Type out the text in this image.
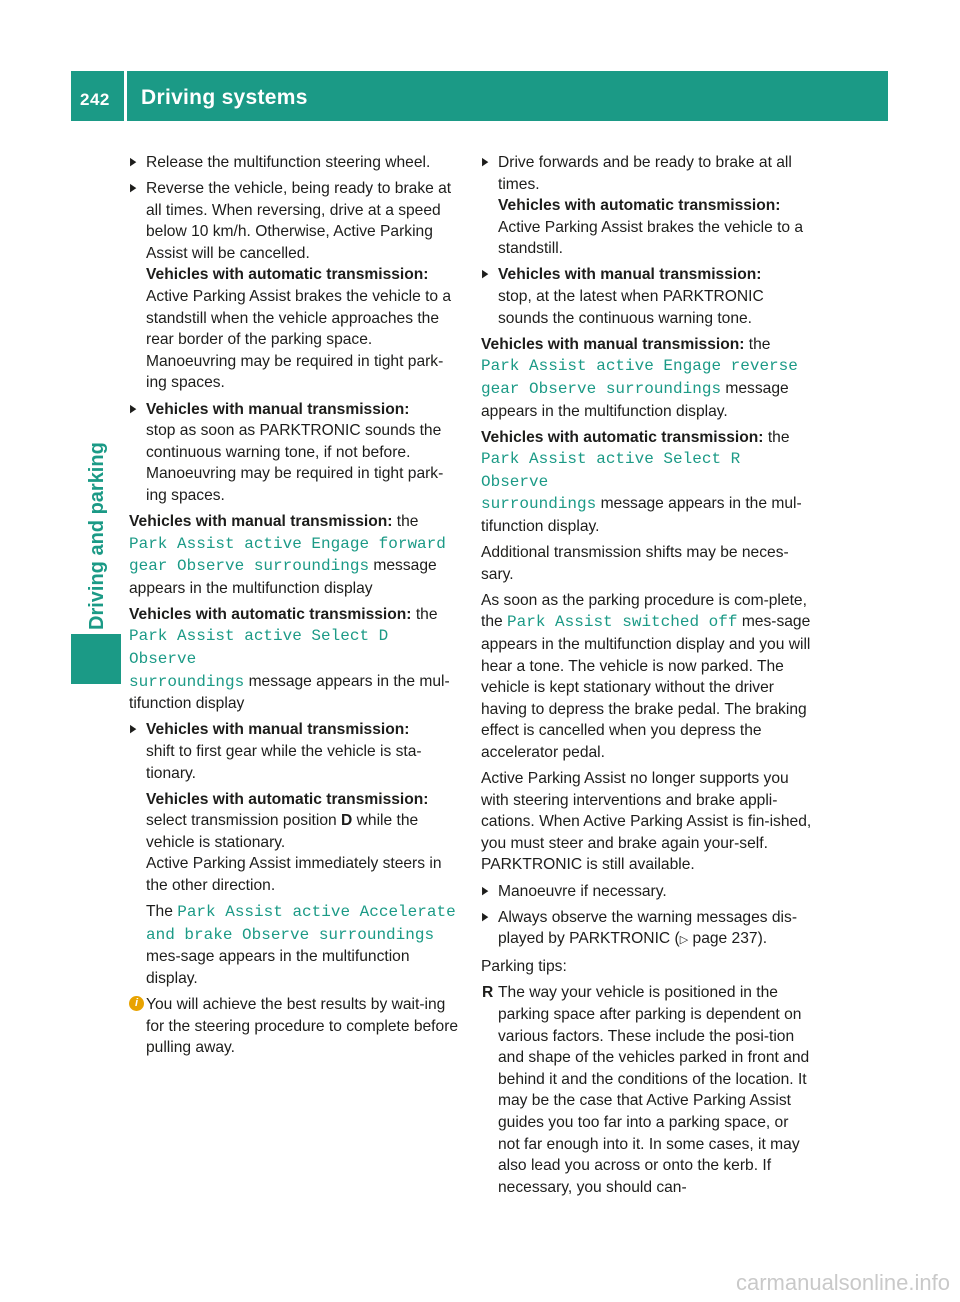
242	Driving systems
Driving and parking
▶
Release the multifunction steering wheel.
▶
Reverse the vehicle, being ready to brake at all times. When reversing, drive at a speed below 10 km/h. Otherwise, Active Parking Assist will be cancelled.
Vehicles with automatic transmission:
Active Parking Assist brakes the vehicle to a standstill when the vehicle approaches the rear border of the parking space.
Manoeuvring may be required in tight park-ing spaces.
▶
Vehicles with manual transmission:
stop as soon as PARKTRONIC sounds the continuous warning tone, if not before.
Manoeuvring may be required in tight park-ing spaces.
Vehicles with manual transmission: the
Park Assist active Engage forward
gear Observe surroundings message appears in the multifunction display
Vehicles with automatic transmission: the
Park Assist active Select D Observe
surroundings message appears in the mul-tifunction display
▶
Vehicles with manual transmission:
shift to first gear while the vehicle is sta-tionary.
Vehicles with automatic transmission:
select transmission position D while the vehicle is stationary.
Active Parking Assist immediately steers in the other direction.
The Park Assist active Accelerate
and brake Observe surroundings mes-sage appears in the multifunction display.
i You will achieve the best results by wait-ing for the steering procedure to complete before pulling away.
▶
Drive forwards and be ready to brake at all times.
Vehicles with automatic transmission:
Active Parking Assist brakes the vehicle to a standstill.
▶
Vehicles with manual transmission:
stop, at the latest when PARKTRONIC sounds the continuous warning tone.
Vehicles with manual transmission: the
Park Assist active Engage reverse
gear Observe surroundings message appears in the multifunction display.
Vehicles with automatic transmission: the
Park Assist active Select R Observe
surroundings message appears in the mul-tifunction display.
Additional transmission shifts may be neces-sary.
As soon as the parking procedure is com-plete, the Park Assist switched off mes-sage appears in the multifunction display and you will hear a tone. The vehicle is now parked. The vehicle is kept stationary without the driver having to depress the brake pedal. The braking effect is cancelled when you depress the accelerator pedal.
Active Parking Assist no longer supports you with steering interventions and brake appli-cations. When Active Parking Assist is fin-ished, you must steer and brake again your-self. PARKTRONIC is still available.
▶
Manoeuvre if necessary.
▶
Always observe the warning messages dis-played by PARKTRONIC (▷ page 237).
Parking tips:
R The way your vehicle is positioned in the parking space after parking is dependent on various factors. These include the posi-tion and shape of the vehicles parked in front and behind it and the conditions of the location. It may be the case that Active Parking Assist guides you too far into a parking space, or not far enough into it. In some cases, it may also lead you across or onto the kerb. If necessary, you should can-
carmanualsonline.info
